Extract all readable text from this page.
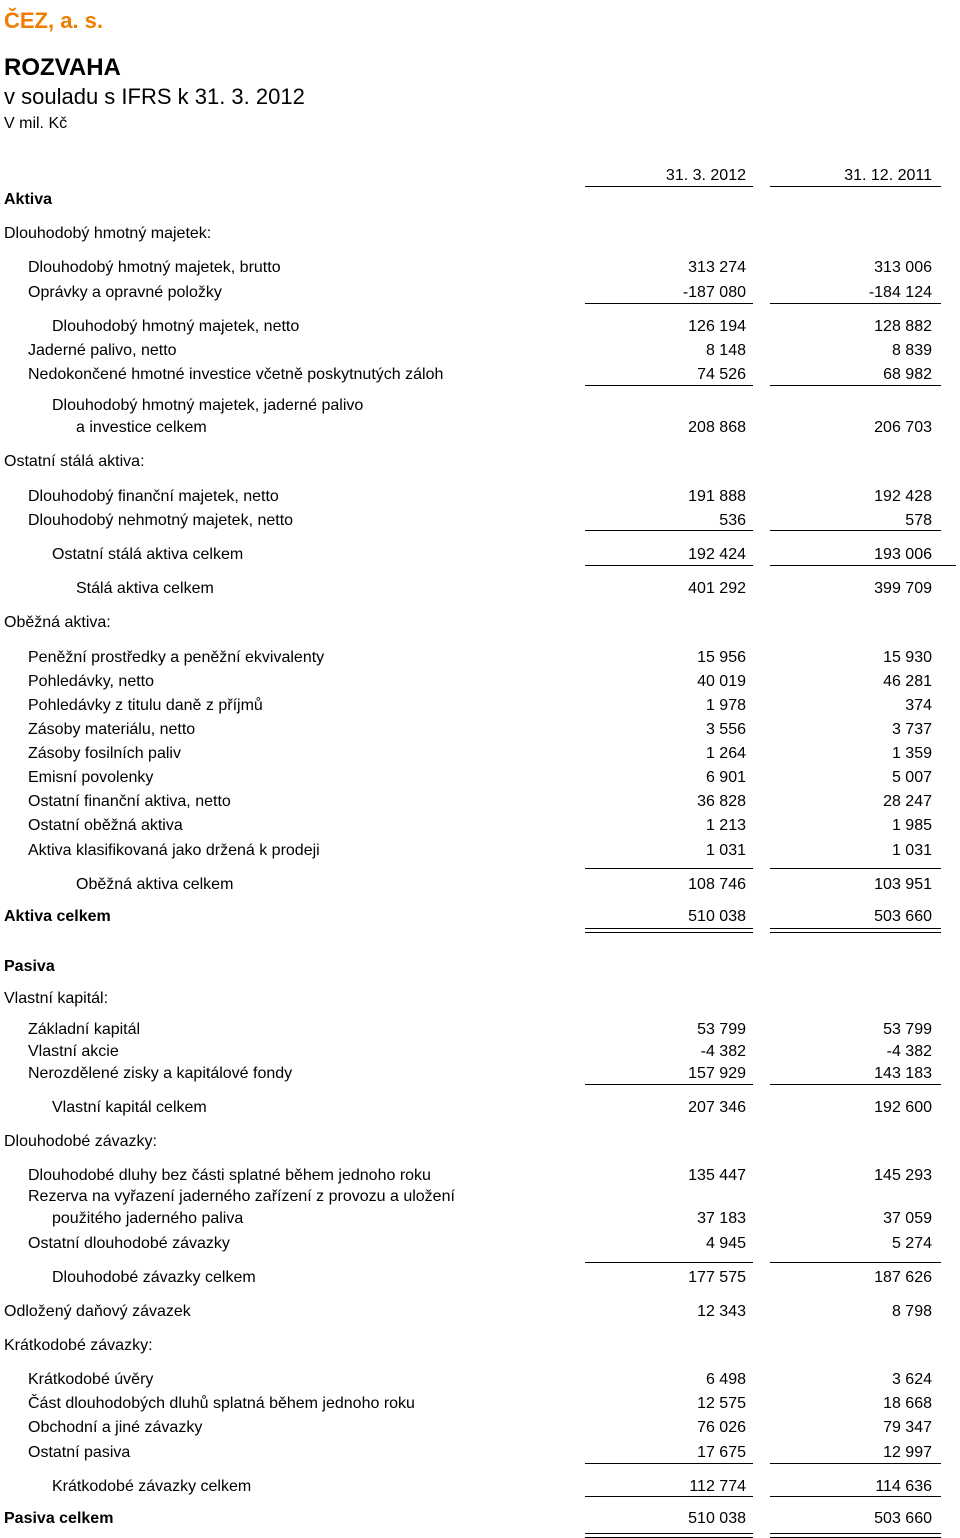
ČEZ, a. s.
ROZVAHA
v souladu s IFRS k 31. 3. 2012
V mil. Kč
31. 3. 2012	31. 12. 2011
Aktiva
Dlouhodobý hmotný majetek:
Dlouhodobý hmotný majetek, brutto	313 274	313 006
Oprávky a opravné položky	-187 080	-184 124
Dlouhodobý hmotný majetek, netto	126 194	128 882
Jaderné palivo, netto	8 148	8 839
Nedokončené hmotné investice včetně poskytnutých záloh	74 526	68 982
Dlouhodobý hmotný majetek, jaderné palivo
a investice celkem	208 868	206 703
Ostatní stálá aktiva:
Dlouhodobý finanční majetek, netto	191 888	192 428
Dlouhodobý nehmotný majetek, netto	536	578
Ostatní stálá aktiva celkem	192 424	193 006
Stálá aktiva celkem	401 292	399 709
Oběžná aktiva:
Peněžní prostředky a peněžní ekvivalenty	15 956	15 930
Pohledávky, netto	40 019	46 281
Pohledávky z titulu daně z příjmů	1 978	374
Zásoby materiálu, netto	3 556	3 737
Zásoby fosilních paliv	1 264	1 359
Emisní povolenky	6 901	5 007
Ostatní finanční aktiva, netto	36 828	28 247
Ostatní oběžná aktiva	1 213	1 985
Aktiva klasifikovaná jako držená k prodeji	1 031	1 031
Oběžná aktiva celkem	108 746	103 951
Aktiva celkem	510 038	503 660
Pasiva
Vlastní kapitál:
Základní kapitál	53 799	53 799
Vlastní akcie	-4 382	-4 382
Nerozdělené zisky a kapitálové fondy	157 929	143 183
Vlastní kapitál celkem	207 346	192 600
Dlouhodobé závazky:
Dlouhodobé dluhy bez části splatné během jednoho roku	135 447	145 293
Rezerva na vyřazení jaderného zařízení z provozu a uložení
použitého jaderného paliva	37 183	37 059
Ostatní dlouhodobé závazky	4 945	5 274
Dlouhodobé závazky celkem	177 575	187 626
Odložený daňový závazek	12 343	8 798
Krátkodobé závazky:
Krátkodobé úvěry	6 498	3 624
Část dlouhodobých dluhů splatná během jednoho roku	12 575	18 668
Obchodní a jiné závazky	76 026	79 347
Ostatní pasiva	17 675	12 997
Krátkodobé závazky celkem	112 774	114 636
Pasiva celkem	510 038	503 660
